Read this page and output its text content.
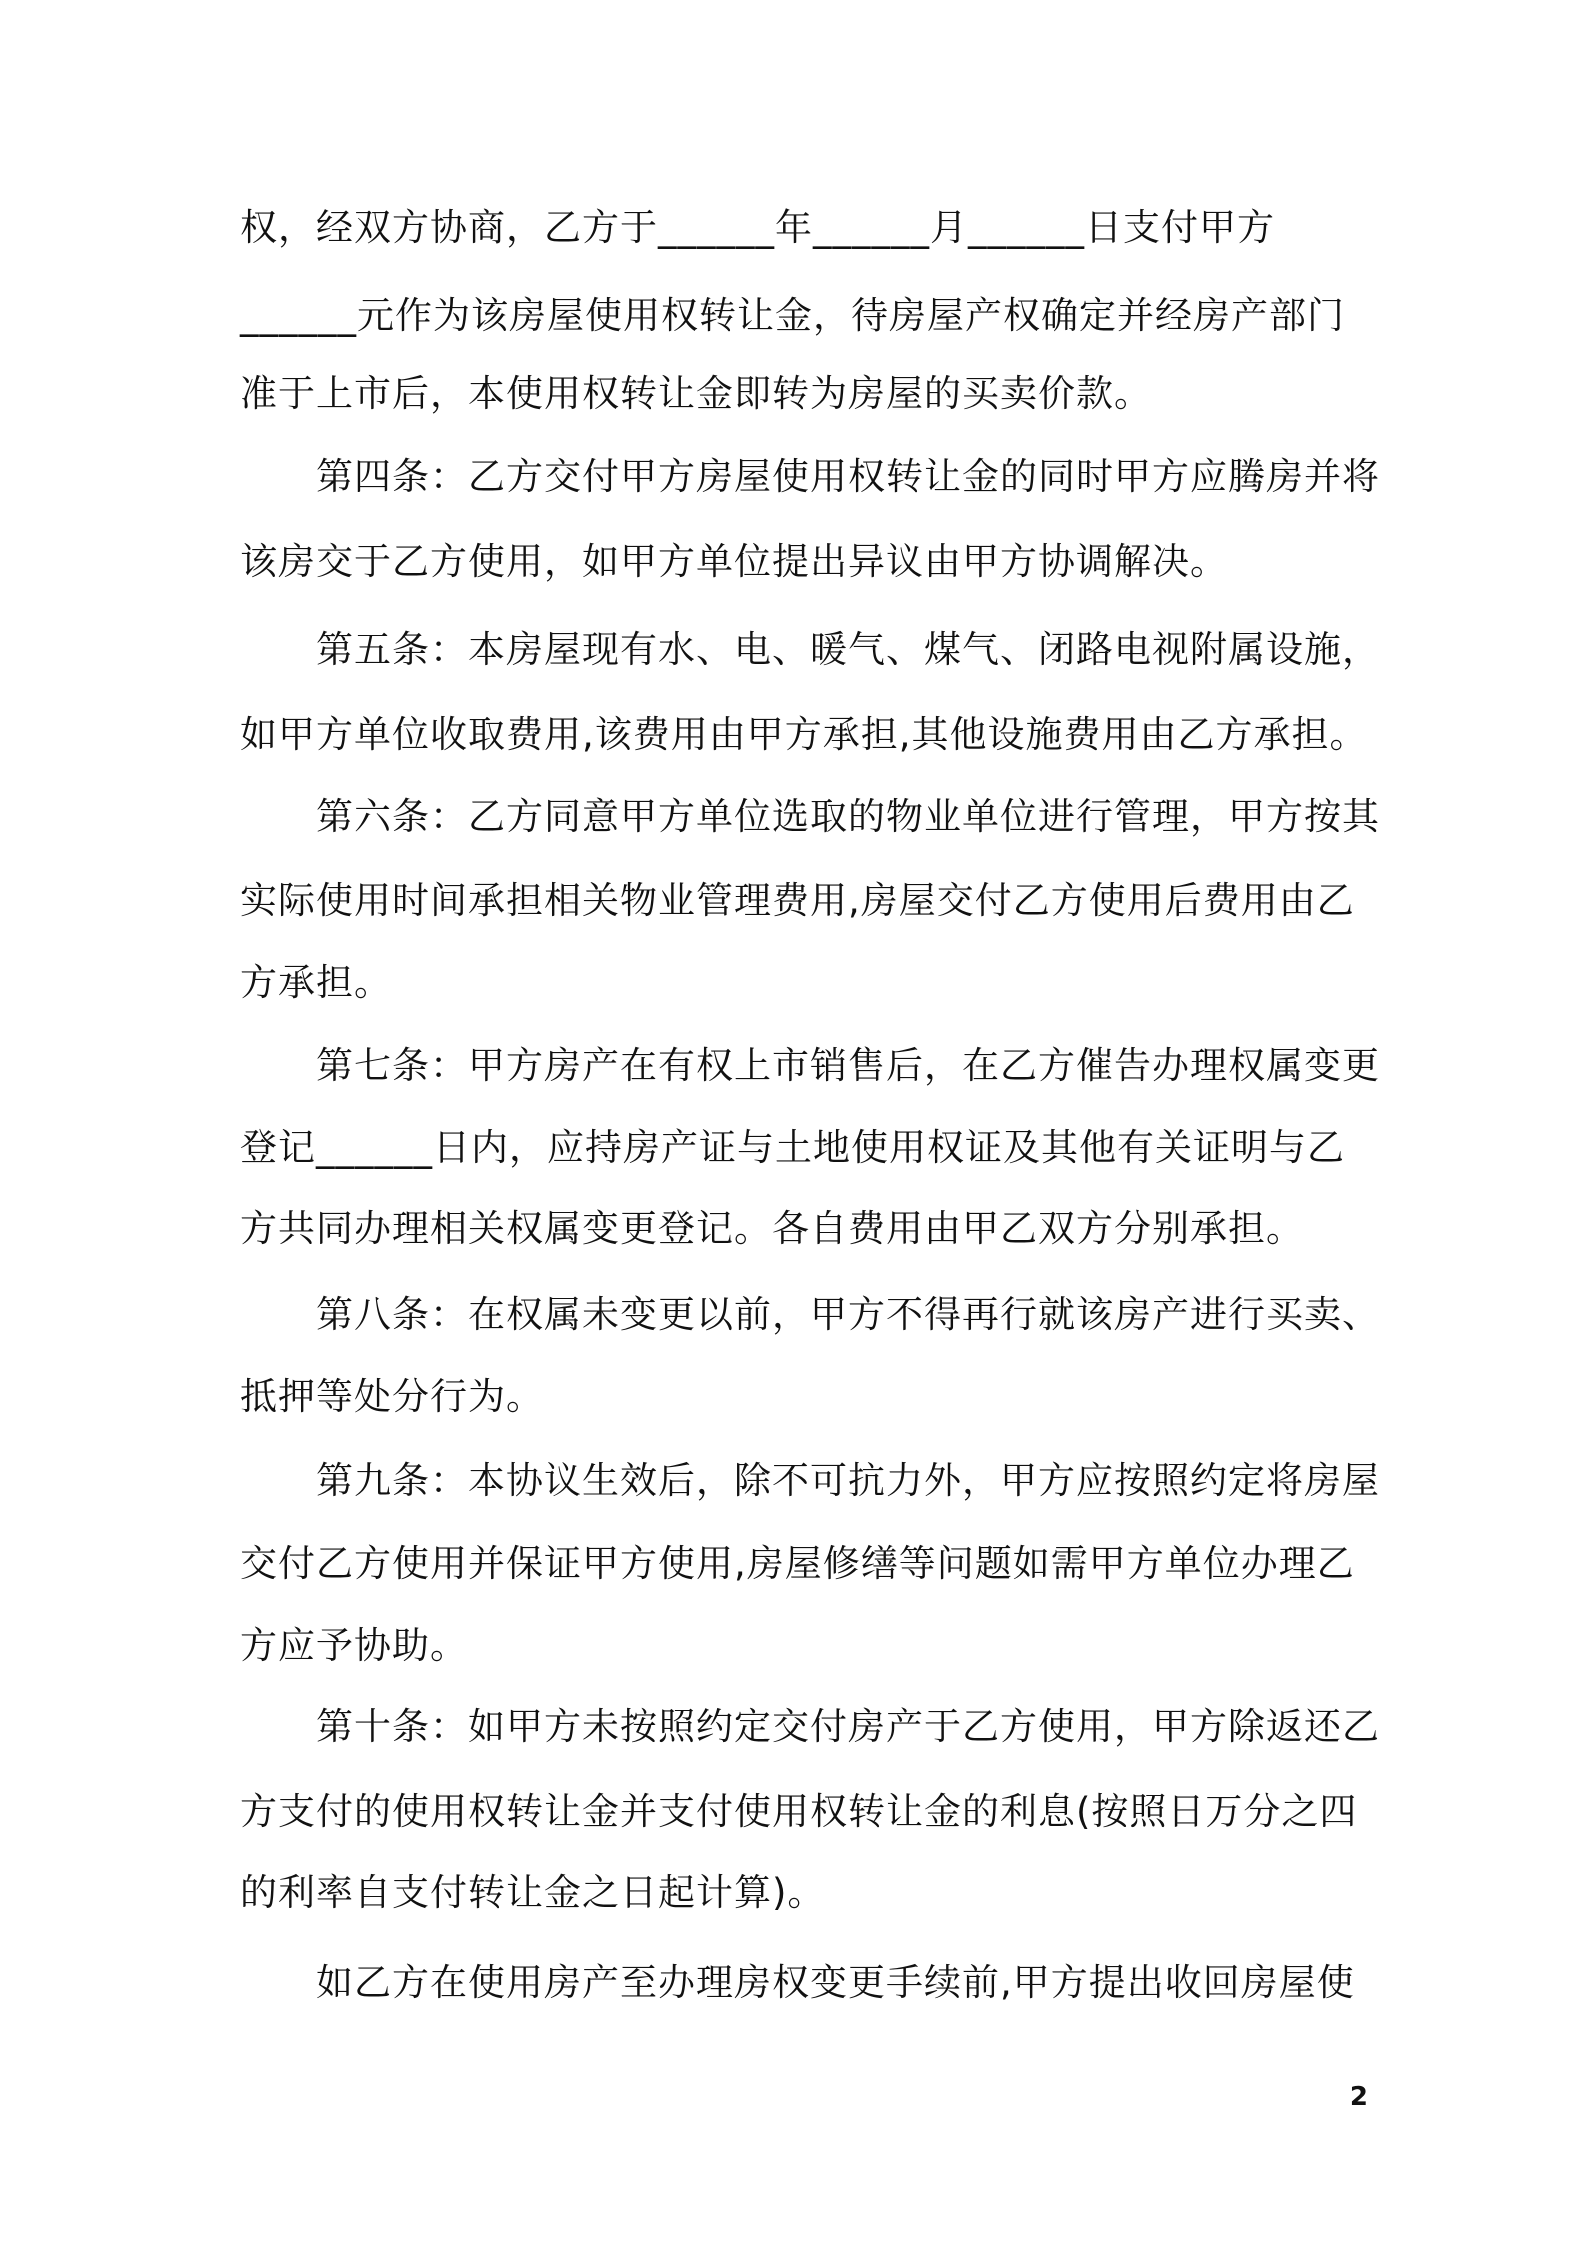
权，经双方协商，乙方于______年______月______日支付甲方
______元作为该房屋使用权转让金，待房屋产权确定并经房产部门
准于上市后，本使用权转让金即转为房屋的买卖价款。
第四条：乙方交付甲方房屋使用权转让金的同时甲方应腾房并将
该房交于乙方使用，如甲方单位提出异议由甲方协调解决。
第五条：本房屋现有水、电、暖气、煤气、闭路电视附属设施，
如甲方单位收取费用,该费用由甲方承担,其他设施费用由乙方承担。
第六条：乙方同意甲方单位选取的物业单位进行管理，甲方按其
实际使用时间承担相关物业管理费用,房屋交付乙方使用后费用由乙
方承担。
第七条：甲方房产在有权上市销售后，在乙方催告办理权属变更
登记______日内，应持房产证与土地使用权证及其他有关证明与乙
方共同办理相关权属变更登记。各自费用由甲乙双方分别承担。
第八条：在权属未变更以前，甲方不得再行就该房产进行买卖、
抵押等处分行为。
第九条：本协议生效后，除不可抗力外，甲方应按照约定将房屋
交付乙方使用并保证甲方使用,房屋修缮等问题如需甲方单位办理乙
方应予协助。
第十条：如甲方未按照约定交付房产于乙方使用，甲方除返还乙
方支付的使用权转让金并支付使用权转让金的利息(按照日万分之四
的利率自支付转让金之日起计算)。
如乙方在使用房产至办理房权变更手续前,甲方提出收回房屋使
2
